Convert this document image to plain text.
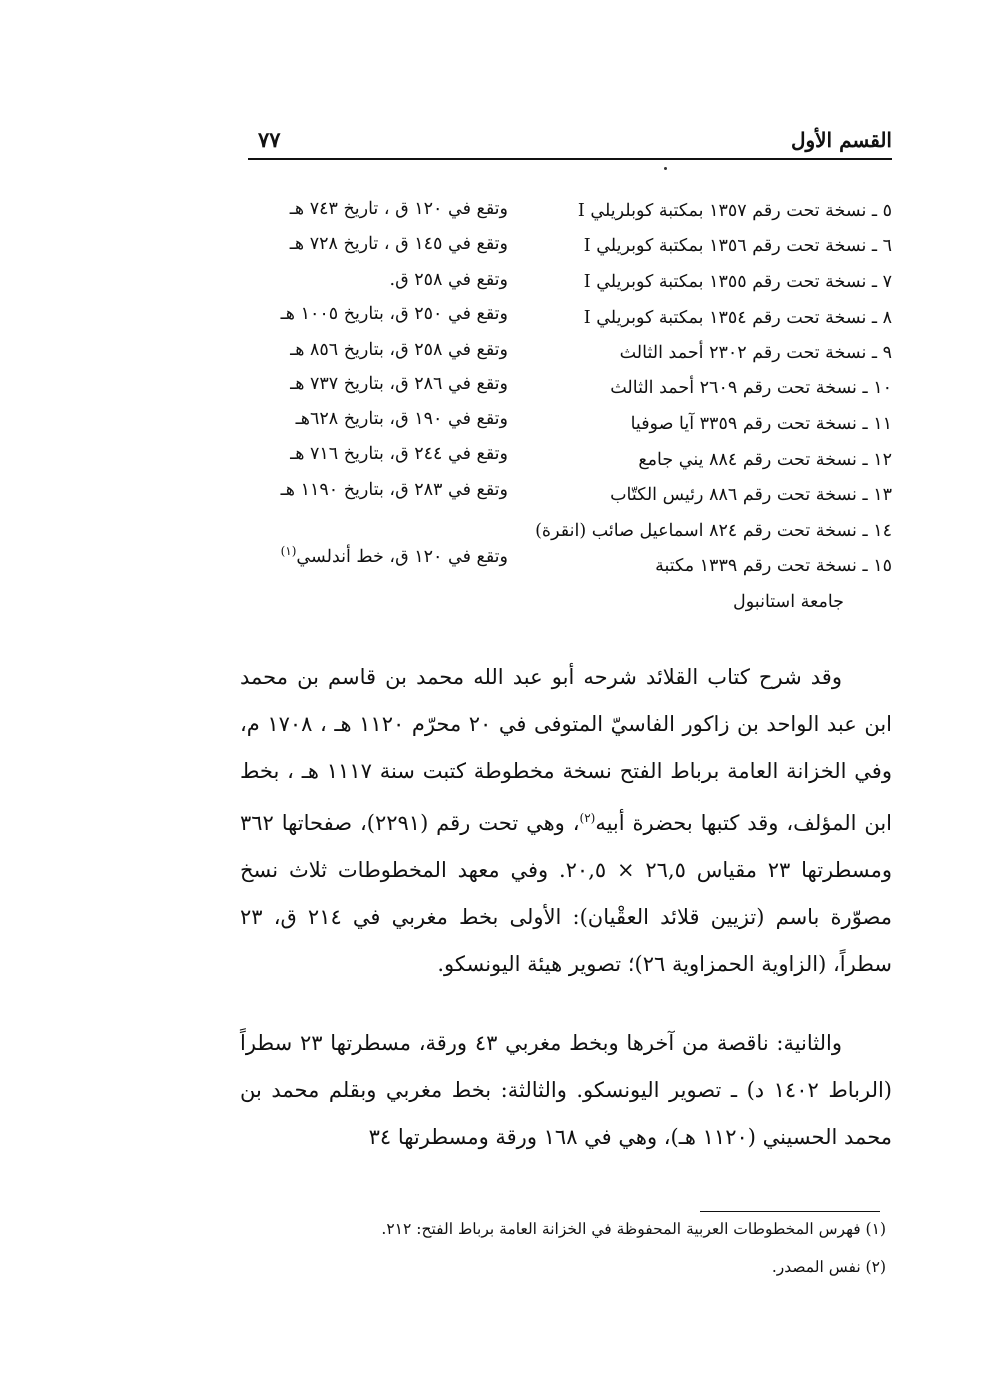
القسم الأول
٧٧
٥ ـ نسخة تحت رقم ١٣٥٧ بمكتبة كوبلريلي I
وتقع في ١٢٠ ق ، تاريخ ٧٤٣ هـ
٦ ـ نسخة تحت رقم ١٣٥٦ بمكتبة كوبريلي I
وتقع في ١٤٥ ق ، تاريخ ٧٢٨ هـ
٧ ـ نسخة تحت رقم ١٣٥٥ بمكتبة كوبريلي I
وتقع في ٢٥٨ ق.
٨ ـ نسخة تحت رقم ١٣٥٤ بمكتبة كوبريلي I
وتقع في ٢٥٠ ق، بتاريخ ١٠٠٥ هـ
٩ ـ نسخة تحت رقم ٢٣٠٢ أحمد الثالث
وتقع في ٢٥٨ ق، بتاريخ ٨٥٦ هـ
١٠ ـ نسخة تحت رقم ٢٦٠٩ أحمد الثالث
وتقع في ٢٨٦ ق، بتاريخ ٧٣٧ هـ
١١ ـ نسخة تحت رقم ٣٣٥٩ آيا صوفيا
وتقع في ١٩٠ ق، بتاريخ ٦٢٨هـ
١٢ ـ نسخة تحت رقم ٨٨٤ يني جامع
وتقع في ٢٤٤ ق، بتاريخ ٧١٦ هـ
١٣ ـ نسخة تحت رقم ٨٨٦ رئيس الكتّاب
وتقع في ٢٨٣ ق، بتاريخ ١١٩٠ هـ
١٤ ـ نسخة تحت رقم ٨٢٤ اسماعيل صائب (انقرة)
١٥ ـ نسخة تحت رقم ١٣٣٩ مكتبة
وتقع في ١٢٠ ق، خط أندلسي$^{(١)}$
جامعة استانبول
وقد شرح كتاب القلائد شرحه أبو عبد الله محمد بن قاسم بن محمد ابن عبد الواحد بن زاكور الفاسيّ المتوفى في ٢٠ محرّم ١١٢٠ هـ ، ١٧٠٨ م، وفي الخزانة العامة برباط الفتح نسخة مخطوطة كتبت سنة ١١١٧ هـ ، بخط ابن المؤلف، وقد كتبها بحضرة أبيه$^{(٢)}$، وهي تحت رقم (٢٢٩١)، صفحاتها ٣٦٢ ومسطرتها ٢٣ مقياس ٢٦,٥ × ٢٠,٥. وفي معهد المخطوطات ثلاث نسخ مصوّرة باسم (تزيين قلائد العقْيان): الأولى بخط مغربي في ٢١٤ ق، ٢٣ سطراً، (الزاوية الحمزاوية ٢٦)؛ تصوير هيئة اليونسكو.
والثانية: ناقصة من آخرها وبخط مغربي ٤٣ ورقة، مسطرتها ٢٣ سطراً (الرباط ١٤٠٢ د) ـ تصوير اليونسكو. والثالثة: بخط مغربي وبقلم محمد بن محمد الحسيني (١١٢٠ هـ)، وهي في ١٦٨ ورقة ومسطرتها ٣٤
(١) فهرس المخطوطات العربية المحفوظة في الخزانة العامة برباط الفتح: ٢١٢.
(٢) نفس المصدر.
